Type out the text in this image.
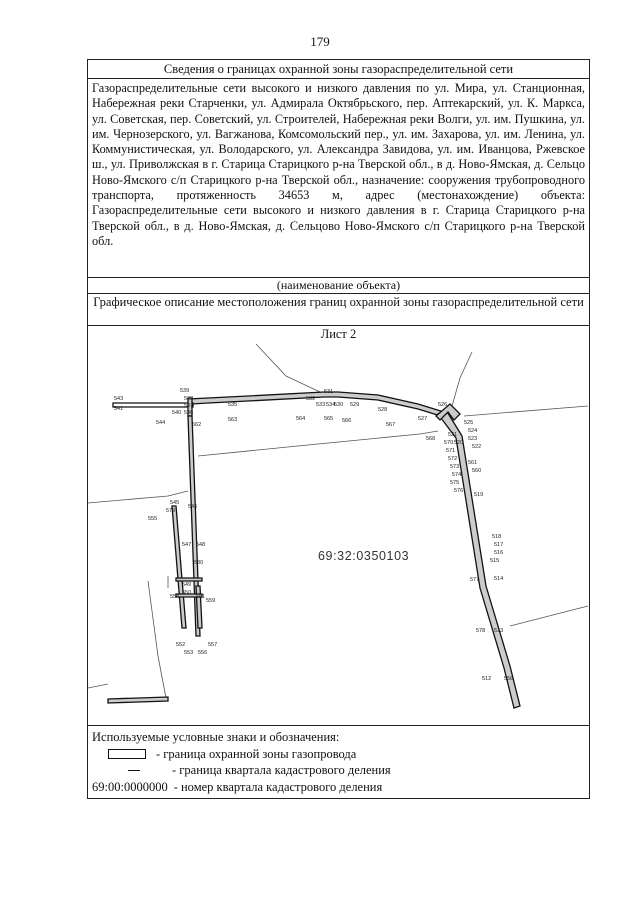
179
Сведения о границах охранной зоны газораспределительной сети
Газораспределительные сети высокого и низкого давления по ул. Мира, ул. Станционная, Набережная реки Старченки, ул. Адмирала Октябрьского, пер. Аптекарский, ул. К. Маркса, ул. Советская, пер. Советский, ул. Строителей, Набережная реки Волги, ул. им. Пушкина, ул. им. Чернозерского, ул. Вагжанова, Комсомольский пер., ул. им. Захарова, ул. им. Ленина, ул. Коммунистическая, ул. Володарского, ул. Александра Завидова, ул. им. Иванцова, Ржевское ш., ул. Приволжская в г. Старица Старицкого р-на Тверской обл., в д. Ново-Ямская, д. Сельцо Ново-Ямского с/п Старицкого р-на Тверской обл., назначение: сооружения трубопроводного транспорта, протяженность 34653 м, адрес (местонахождение) объекта: Газораспределительные сети высокого и низкого давления в г. Старица Старицкого р-на Тверской обл., в д. Ново-Ямская, д. Сельцово Ново-Ямского с/п Старицкого р-на Тверской обл.
(наименование объекта)
Графическое описание местоположения границ охранной зоны газораспределительной сети
Лист 2
69:32:0350103
543
541
539
538
537
536
540
544	562
535
563
532
531
533 534
530 529
528
564	565 566
567
527
526
568
525
524
523
522
521
520
570
571
572
573
574
575
576
561
560
519
518
517
516
515
514
577
578 513
512
545
546
547 548
549
550
551
552
553
554
555
556
557
558
559
579
580
Используемые условные знаки и обозначения:
- граница охранной зоны газопровода
- граница квартала кадастрового деления
69:00:0000000 - номер квартала кадастрового деления
